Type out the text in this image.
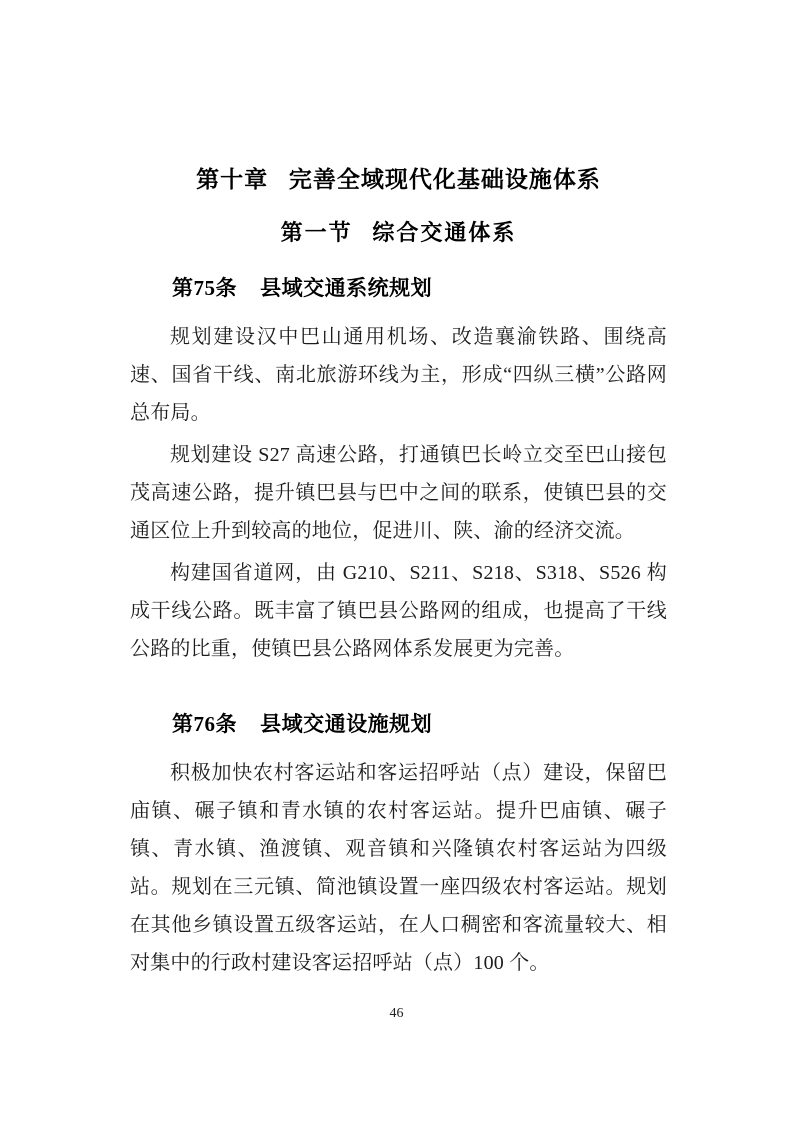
第十章 完善全域现代化基础设施体系
第一节 综合交通体系
第75条 县域交通系统规划

规划建设汉中巴山通用机场、改造襄渝铁路、围绕高速、国省干线、南北旅游环线为主，形成“四纵三横”公路网总布局。

规划建设 S27 高速公路，打通镇巴长岭立交至巴山接包茂高速公路，提升镇巴县与巴中之间的联系，使镇巴县的交通区位上升到较高的地位，促进川、陕、渝的经济交流。

构建国省道网，由 G210、S211、S218、S318、S526 构成干线公路。既丰富了镇巴县公路网的组成，也提高了干线公路的比重，使镇巴县公路网体系发展更为完善。

第76条 县域交通设施规划

积极加快农村客运站和客运招呼站（点）建设，保留巴庙镇、碾子镇和青水镇的农村客运站。提升巴庙镇、碾子镇、青水镇、渔渡镇、观音镇和兴隆镇农村客运站为四级站。规划在三元镇、简池镇设置一座四级农村客运站。规划在其他乡镇设置五级客运站，在人口稠密和客流量较大、相对集中的行政村建设客运招呼站（点）100 个。

46
